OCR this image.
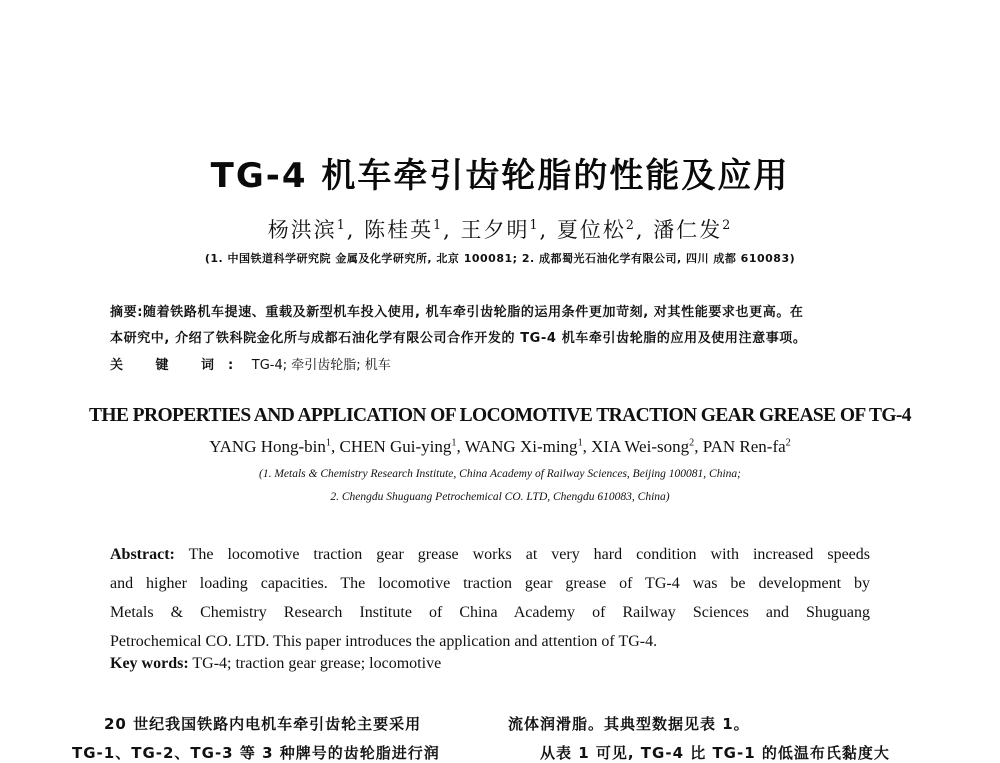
TG-4 机车牵引齿轮脂的性能及应用
杨洪滨$^1$, 陈桂英$^1$, 王夕明$^1$, 夏位松$^2$, 潘仁发$^2$
(1. 中国铁道科学研究院 金属及化学研究所, 北京 100081; 2. 成都蜀光石油化学有限公司, 四川 成都 610083)
摘要:随着铁路机车提速、重载及新型机车投入使用, 机车牵引齿轮脂的运用条件更加苛刻, 对其性能要求也更高。在
本研究中, 介绍了铁科院金化所与成都石油化学有限公司合作开发的 TG-4 机车牵引齿轮脂的应用及使用注意事项。
关 键 词: TG-4; 牵引齿轮脂; 机车
THE PROPERTIES AND APPLICATION OF LOCOMOTIVE TRACTION GEAR GREASE OF TG-4
YANG Hong-bin$^1$, CHEN Gui-ying$^1$, WANG Xi-ming$^1$, XIA Wei-song$^2$, PAN Ren-$fa^2$
(1. Metals & Chemistry Research Institute, China Academy of Railway Sciences, Beijing 100081, China;
2. Chengdu Shuguang Petrochemical CO. LTD, Chengdu 610083, China)
Abstract: The locomotive traction gear grease works at very hard condition with increased speeds
and higher loading capacities. The locomotive traction gear grease of TG-4 was be development by
Metals & Chemistry Research Institute of China Academy of Railway Sciences and Shuguang
Petrochemical CO. LTD. This paper introduces the application and attention of TG-4.
Key words: TG-4; traction gear grease; locomotive
20 世纪我国铁路内电机车牵引齿轮主要采用
TG-1、TG-2、TG-3 等 3 种牌号的齿轮脂进行润
流体润滑脂。其典型数据见表 1。
从表 1 可见, TG-4 比 TG-1 的低温布氏黏度大
